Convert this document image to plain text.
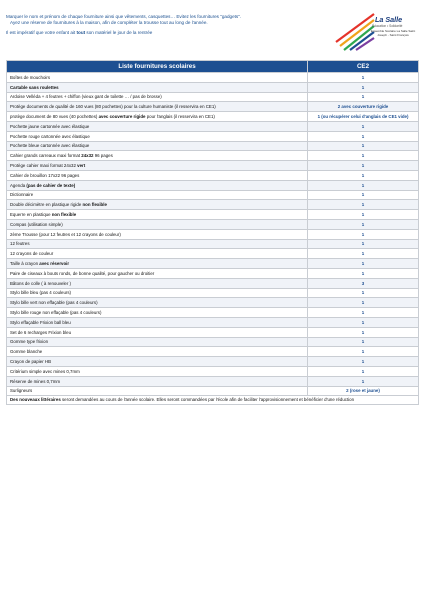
Marquer le nom et prénom de chaque fourniture ainsi que vêtements, casquettes… Evitez les fournitures "gadgets".

Ayez une réserve de fournitures à la maison, afin de compléter la trousse tout au long de l'année.

Il est impératif que votre enfant ait tout son matériel le jour de la rentrée

La Salle
Éducation • Solidarité
Ensemble Scolaire La Salle Saint Joseph - Saint François
Liste fournitures scolaires	CE2
Boîtes de mouchoirs	1
Cartable sans roulettes	1
Ardoise Velléda + 4 feutres + chiffon (vieux gant de toilette … / pas de brosse)	1
Protège documents de qualité de 160 vues (80 pochettes) pour la culture humaniste (il resservira en CE1)	2 avec couverture rigide
protège document de 80 vues (40 pochettes) avec couverture rigide pour l'anglais (il resservira en CE1)	1 (ou récupérer celui d'anglais de CE1 vide)
Pochette jaune cartonnée avec élastique	1
Pochette rouge cartonnée avec élastique	1
Pochette bleue cartonnée avec élastique	1
Cahier grands carreaux maxi format 24x32 96 pages	1
Protège cahier maxi format 24x32 vert	1
Cahier de brouillon 17x22 96 pages	1
Agenda (pas de cahier de texte)	1
Dictionnaire	1
Double décimètre en plastique rigide non flexible	1
Equerre en plastique non flexible	1
Compas (utilisation simple)	1
2ème Trousse (pour 12 feutres et 12 crayons de couleur)	1
12 feutres	1
12 crayons de couleur	1
Taille à crayon avec réservoir	1
Paire de ciseaux à bouts ronds, de bonne qualité, pour gaucher ou droitier	1
Bâtons de colle ( à renouveler )	3
Stylo bille bleu (pas 4 couleurs)	1
Stylo bille vert non effaçable (pas 4 couleurs)	1
Stylo bille rouge non effaçable (pas 4 couleurs)	1
Stylo effaçable Frixion ball bleu	1
Set de 6 recharges Frixion bleu	1
Gomme type frixion	1
Gomme blanche	1
Crayon de papier HB	1
Critérium simple avec mines 0,7mm	1
Réserve de mines 0,7mm	1
Surligneurs	2 (rose et jaune)
Des nouveaux littéraires seront demandées au cours de l'année scolaire. Elles seront commandées par l'école afin de faciliter l'approvisionnement et bénéficier d'une réduction	
